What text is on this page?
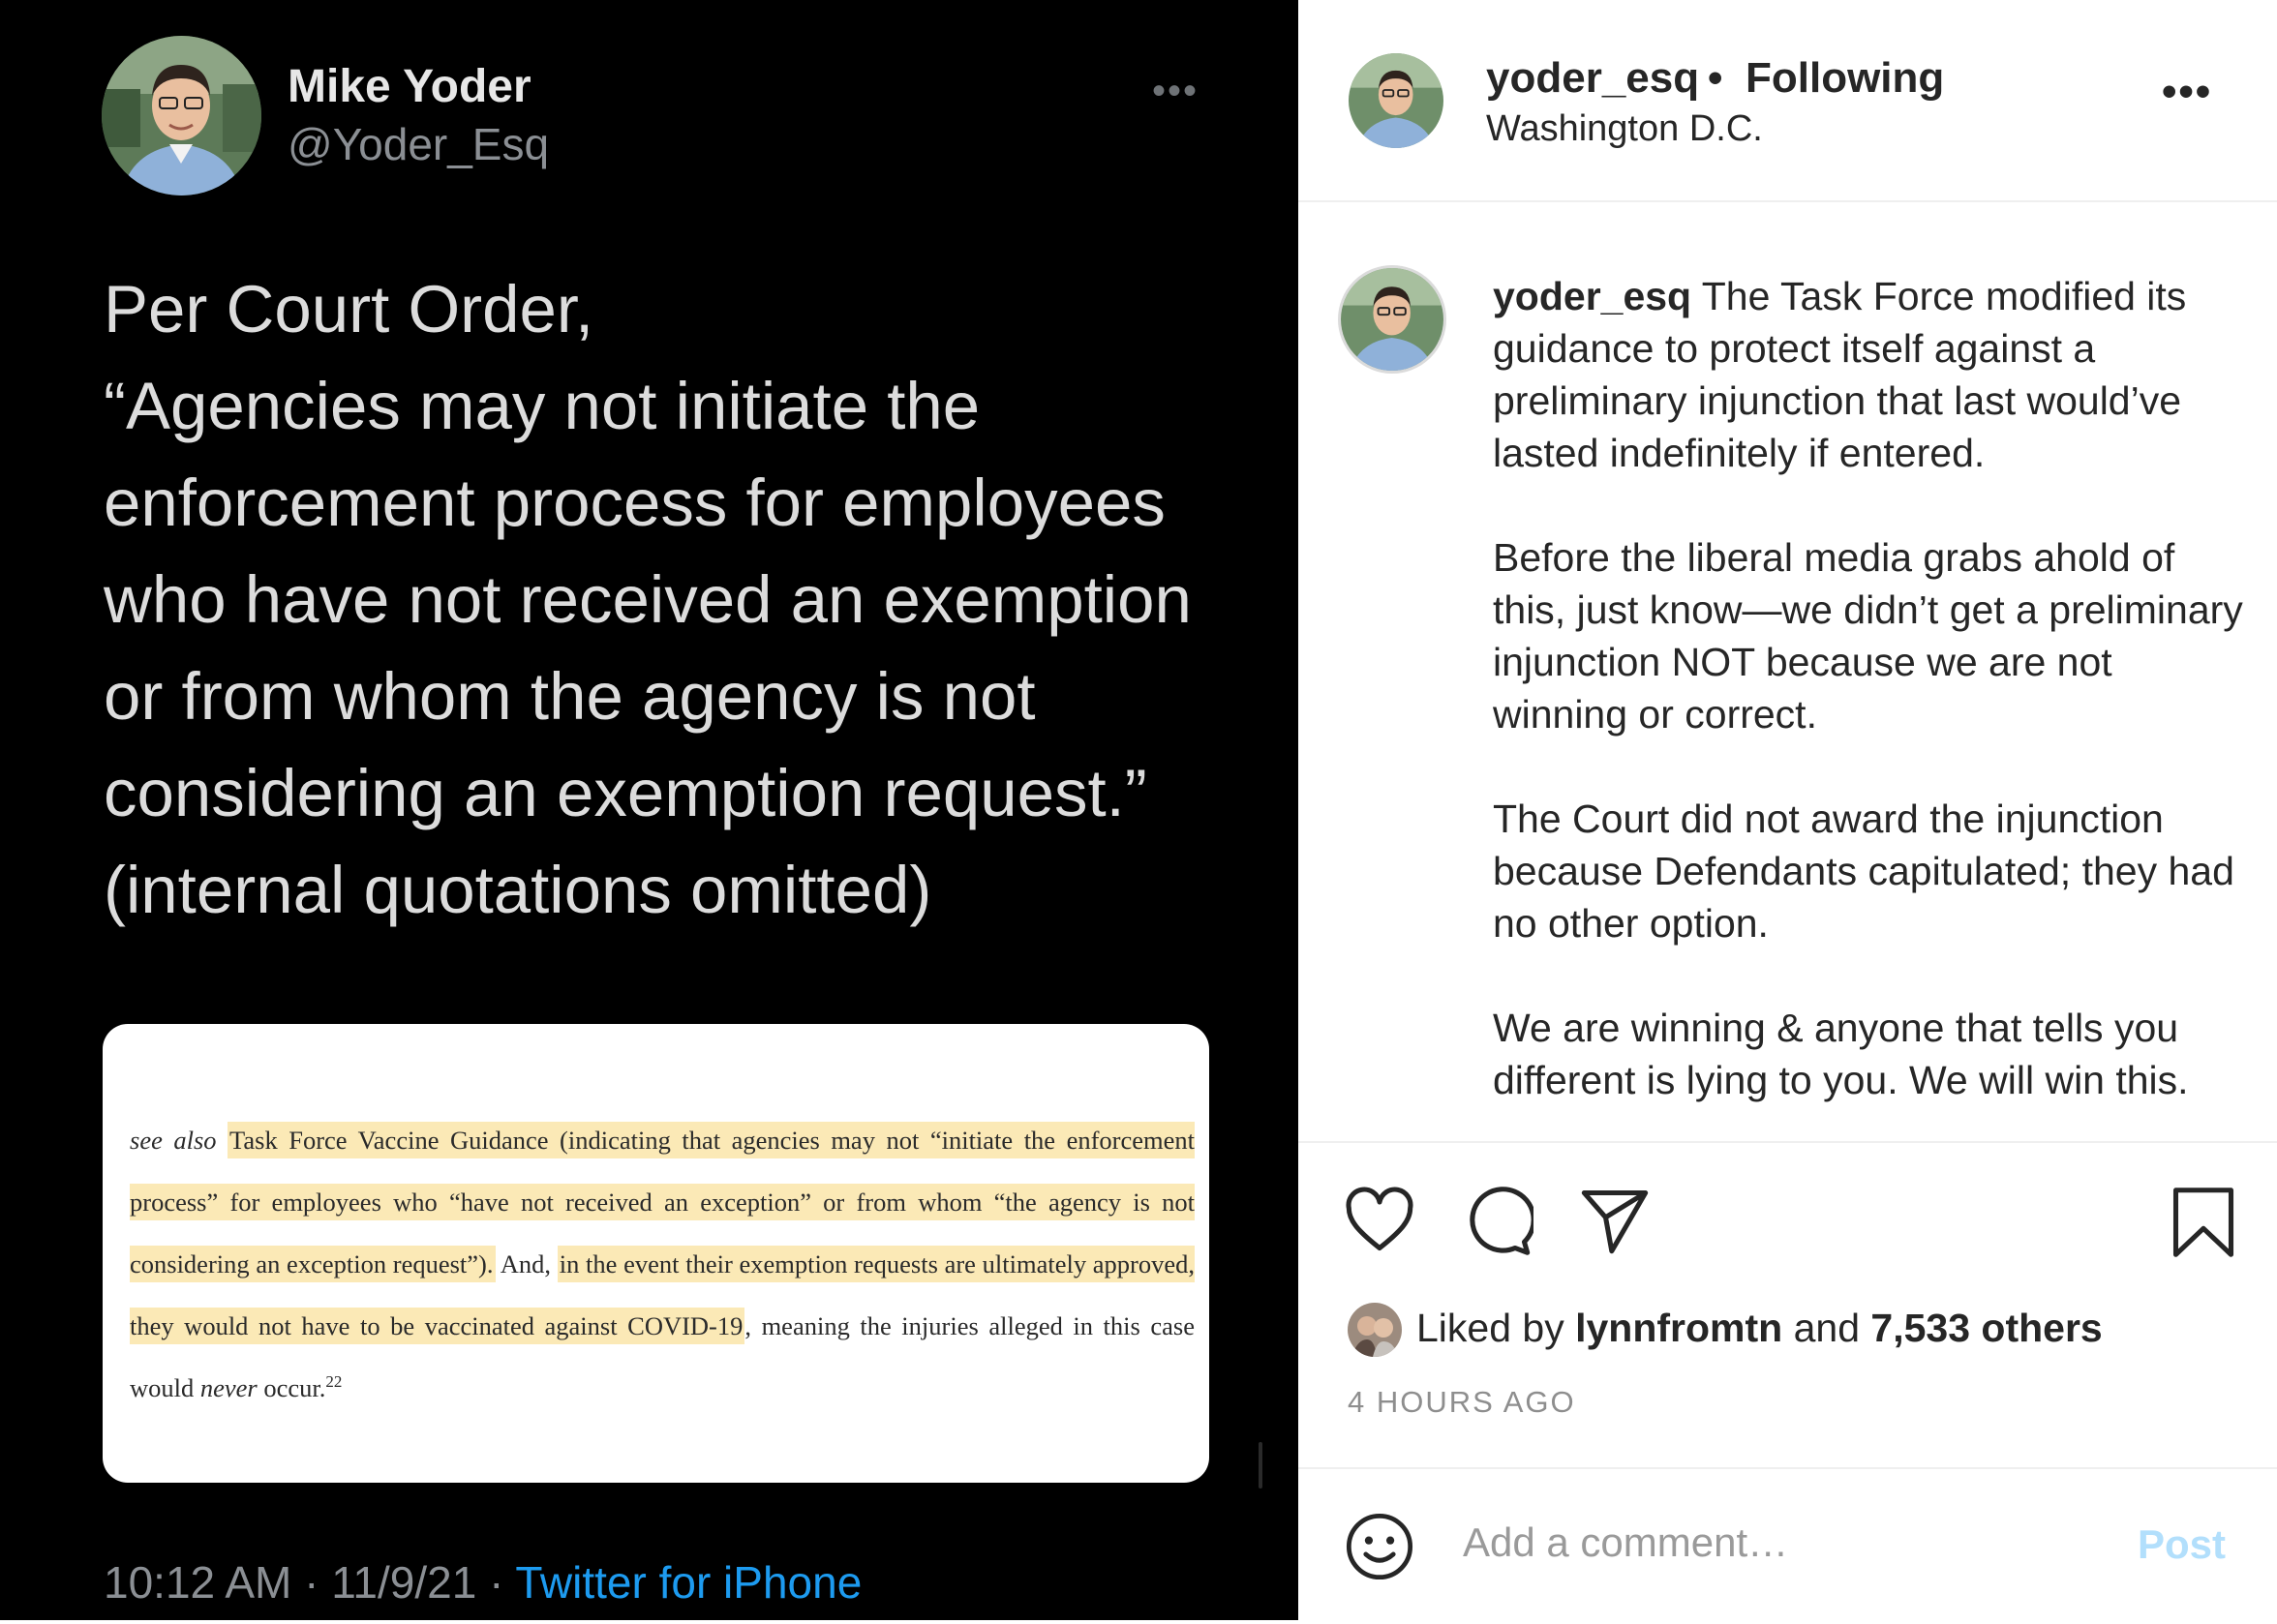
Mike Yoder
@Yoder_Esq
•••
Per Court Order,
“Agencies may not initiate the enforcement process for employees who have not received an exemption or from whom the agency is not considering an exemption request.” (internal quotations omitted)
see also Task Force Vaccine Guidance (indicating that agencies may not “initiate the enforcement process” for employees who “have not received an exception” or from whom “the agency is not considering an exception request”). And, in the event their exemption requests are ultimately approved, they would not have to be vaccinated against COVID-19, meaning the injuries alleged in this case would never occur.$^{22}$
10:12 AM · 11/9/21 · Twitter for iPhone
yoder_esq • Following
Washington D.C.
•••

yoder_esq The Task Force modified its guidance to protect itself against a preliminary injunction that last would’ve lasted indefinitely if entered.

Before the liberal media grabs ahold of this, just know—we didn’t get a preliminary injunction NOT because we are not winning or correct.

The Court did not award the injunction because Defendants capitulated; they had no other option.

We are winning & anyone that tells you different is lying to you. We will win this.

Liked by lynnfromtn and 7,533 others
4 HOURS AGO
Add a comment…
Post
